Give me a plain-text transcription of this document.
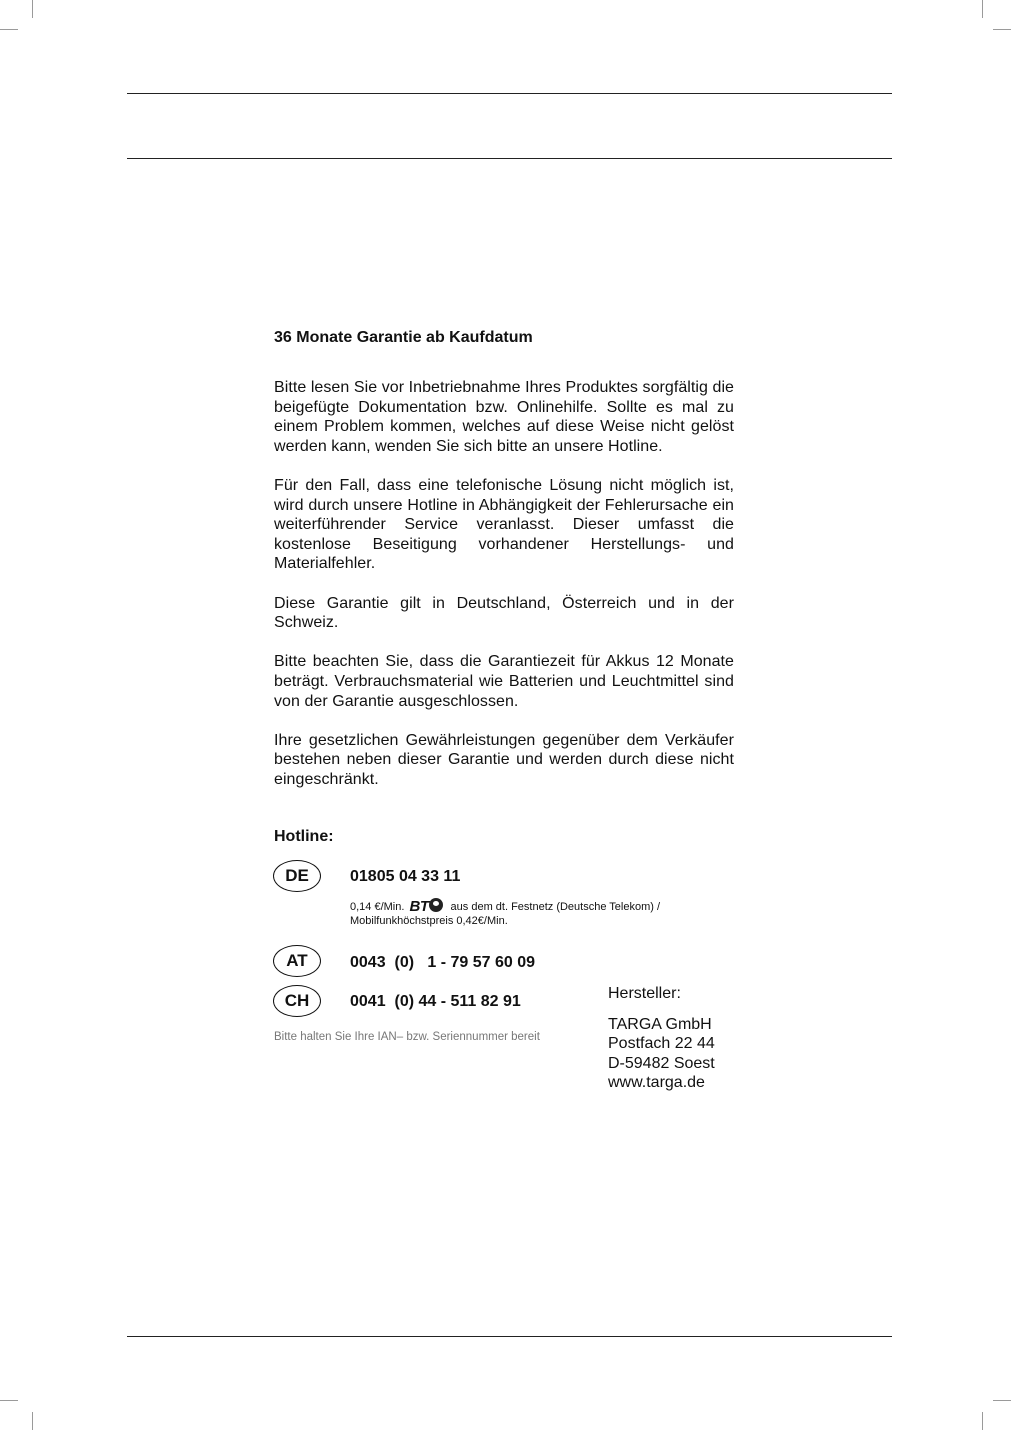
36 Monate Garantie ab Kaufdatum

Bitte lesen Sie vor Inbetriebnahme Ihres Produktes sorgfältig die beigefügte Dokumentation bzw. Onlinehilfe. Sollte es mal zu einem Problem kommen, welches auf diese Weise nicht gelöst werden kann, wenden Sie sich bitte an unsere Hotline.

Für den Fall, dass eine telefonische Lösung nicht möglich ist, wird durch unsere Hotline in Abhängigkeit der Fehlerursache ein weiterführender Service veranlasst. Dieser umfasst die kostenlose Beseitigung vorhandener Herstellungs- und Materialfehler.

Diese Garantie gilt in Deutschland, Österreich und in der Schweiz.

Bitte beachten Sie, dass die Garantiezeit für Akkus 12 Monate beträgt. Verbrauchsmaterial wie Batterien und Leuchtmittel sind von der Garantie ausgeschlossen.

Ihre gesetzlichen Gewährleistungen gegenüber dem Verkäufer bestehen neben dieser Garantie und werden durch diese nicht eingeschränkt.

Hotline:
DE	01805 04 33 11
0,14 €/Min. BT aus dem dt. Festnetz (Deutsche Telekom) /
Mobilfunkhöchstpreis 0,42€/Min.
AT	0043  (0)   1 - 79 57 60 09
CH	0041  (0) 44 - 511 82 91
Bitte halten Sie Ihre IAN– bzw. Seriennummer bereit
Hersteller:
TARGA GmbH
Postfach 22 44
D-59482 Soest
www.targa.de
